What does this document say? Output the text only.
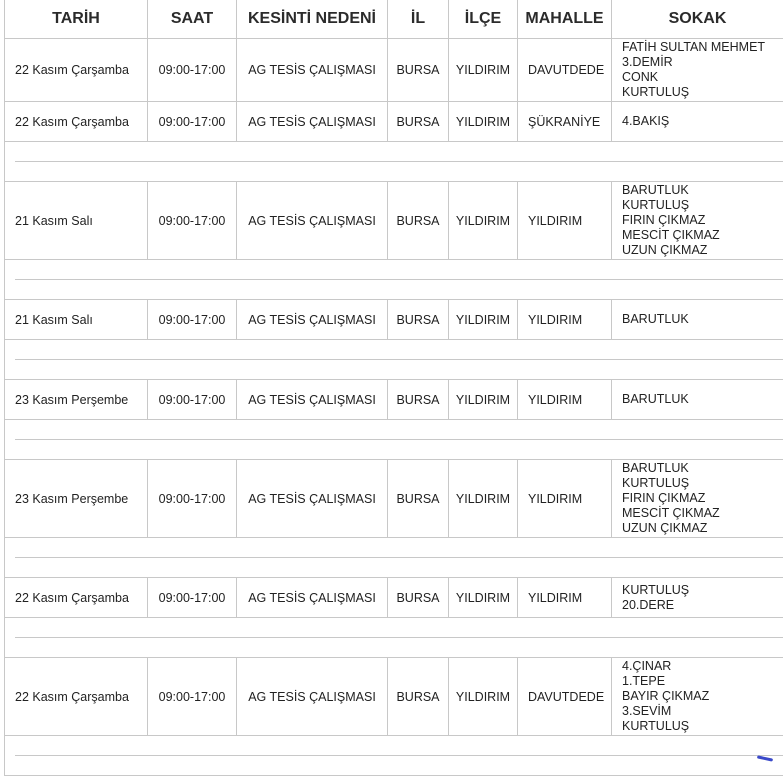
TARİH	SAAT	KESİNTİ NEDENİ	İL	İLÇE	MAHALLE	SOKAK
22 Kasım Çarşamba	09:00-17:00	AG TESİS ÇALIŞMASI	BURSA	YILDIRIM	DAVUTDEDE	FATİH SULTAN MEHMET
3.DEMİR
CONK
KURTULUŞ

22 Kasım Çarşamba	09:00-17:00	AG TESİS ÇALIŞMASI	BURSA	YILDIRIM	ŞÜKRANİYE	4.BAKIŞ

21 Kasım Salı	09:00-17:00	AG TESİS ÇALIŞMASI	BURSA	YILDIRIM	YILDIRIM	BARUTLUK
KURTULUŞ
FIRIN ÇIKMAZ
MESCİT ÇIKMAZ
UZUN ÇIKMAZ

21 Kasım Salı	09:00-17:00	AG TESİS ÇALIŞMASI	BURSA	YILDIRIM	YILDIRIM	BARUTLUK

23 Kasım Perşembe	09:00-17:00	AG TESİS ÇALIŞMASI	BURSA	YILDIRIM	YILDIRIM	BARUTLUK

23 Kasım Perşembe	09:00-17:00	AG TESİS ÇALIŞMASI	BURSA	YILDIRIM	YILDIRIM	BARUTLUK
KURTULUŞ
FIRIN ÇIKMAZ
MESCİT ÇIKMAZ
UZUN ÇIKMAZ

22 Kasım Çarşamba	09:00-17:00	AG TESİS ÇALIŞMASI	BURSA	YILDIRIM	YILDIRIM	KURTULUŞ
20.DERE

22 Kasım Çarşamba	09:00-17:00	AG TESİS ÇALIŞMASI	BURSA	YILDIRIM	DAVUTDEDE	4.ÇINAR
1.TEPE
BAYIR ÇIKMAZ
3.SEVİM
KURTULUŞ
